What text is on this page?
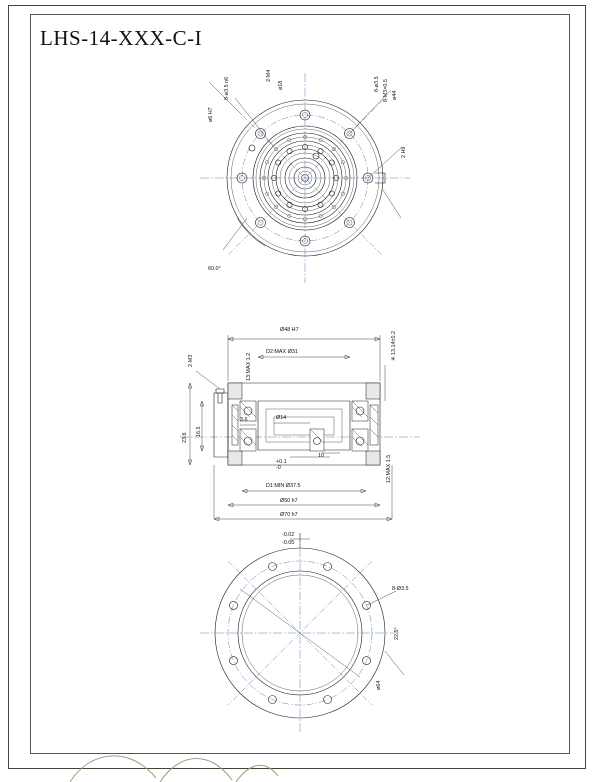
LHS-14-XXX-C-I
2-M4
ø18	8-ø3.5 8-M3×0.5 ø44
ø6 H7
8-ø3.5 n6
2 H9
60.0°
Ø48 H7
D2:MAX Ø31
13:MAX 1.2
2-M3
23.6
16.5
3.6	Ø14
+0.1
-0
10
D1:MIN Ø37.5
12:MAX 1.5
※ 13.14±0.2
Ø50 h7
Ø70 h7
-0.02
-0.05
8-Ø3.5
22.5°
ø64
